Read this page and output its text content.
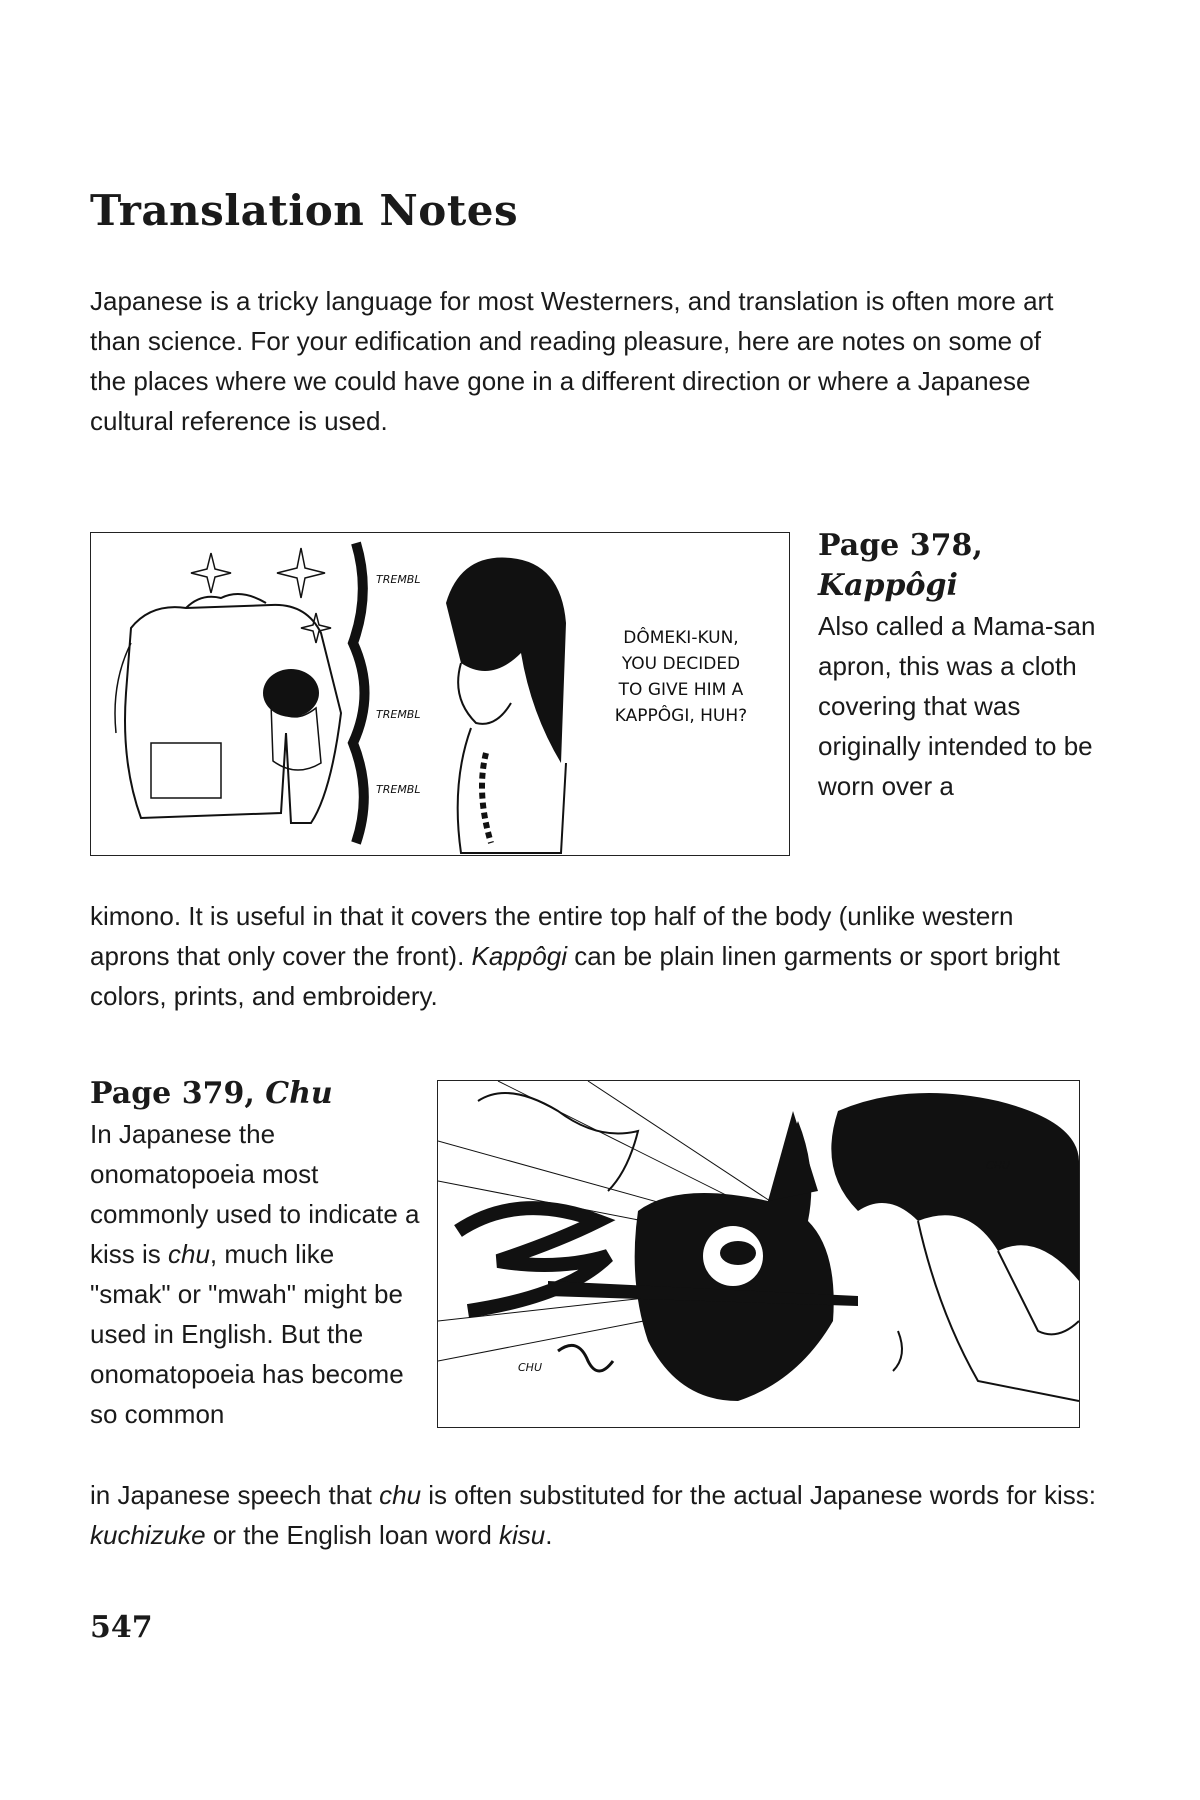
Translation Notes

Japanese is a tricky language for most Westerners, and translation is often more art than science. For your edification and reading pleasure, here are notes on some of the places where we could have gone in a different direction or where a Japanese cultural reference is used.

TREMBL
TREMBL
TREMBL
DÔMEKI-KUN,
YOU DECIDED
TO GIVE HIM A
KAPPÔGI, HUH?

Page 378,
Kappôgi

Also called a Mama-san apron, this was a cloth covering that was originally intended to be worn over a

kimono. It is useful in that it covers the entire top half of the body (unlike western aprons that only cover the front). Kappôgi can be plain linen garments or sport bright colors, prints, and embroidery.

Page 379, Chu

In Japanese the onomatopoeia most commonly used to indicate a kiss is chu, much like "smak" or "mwah" might be used in English. But the onomatopoeia has become so common

CHU
CHU

in Japanese speech that chu is often substituted for the actual Japanese words for kiss: kuchizuke or the English loan word kisu.

547
